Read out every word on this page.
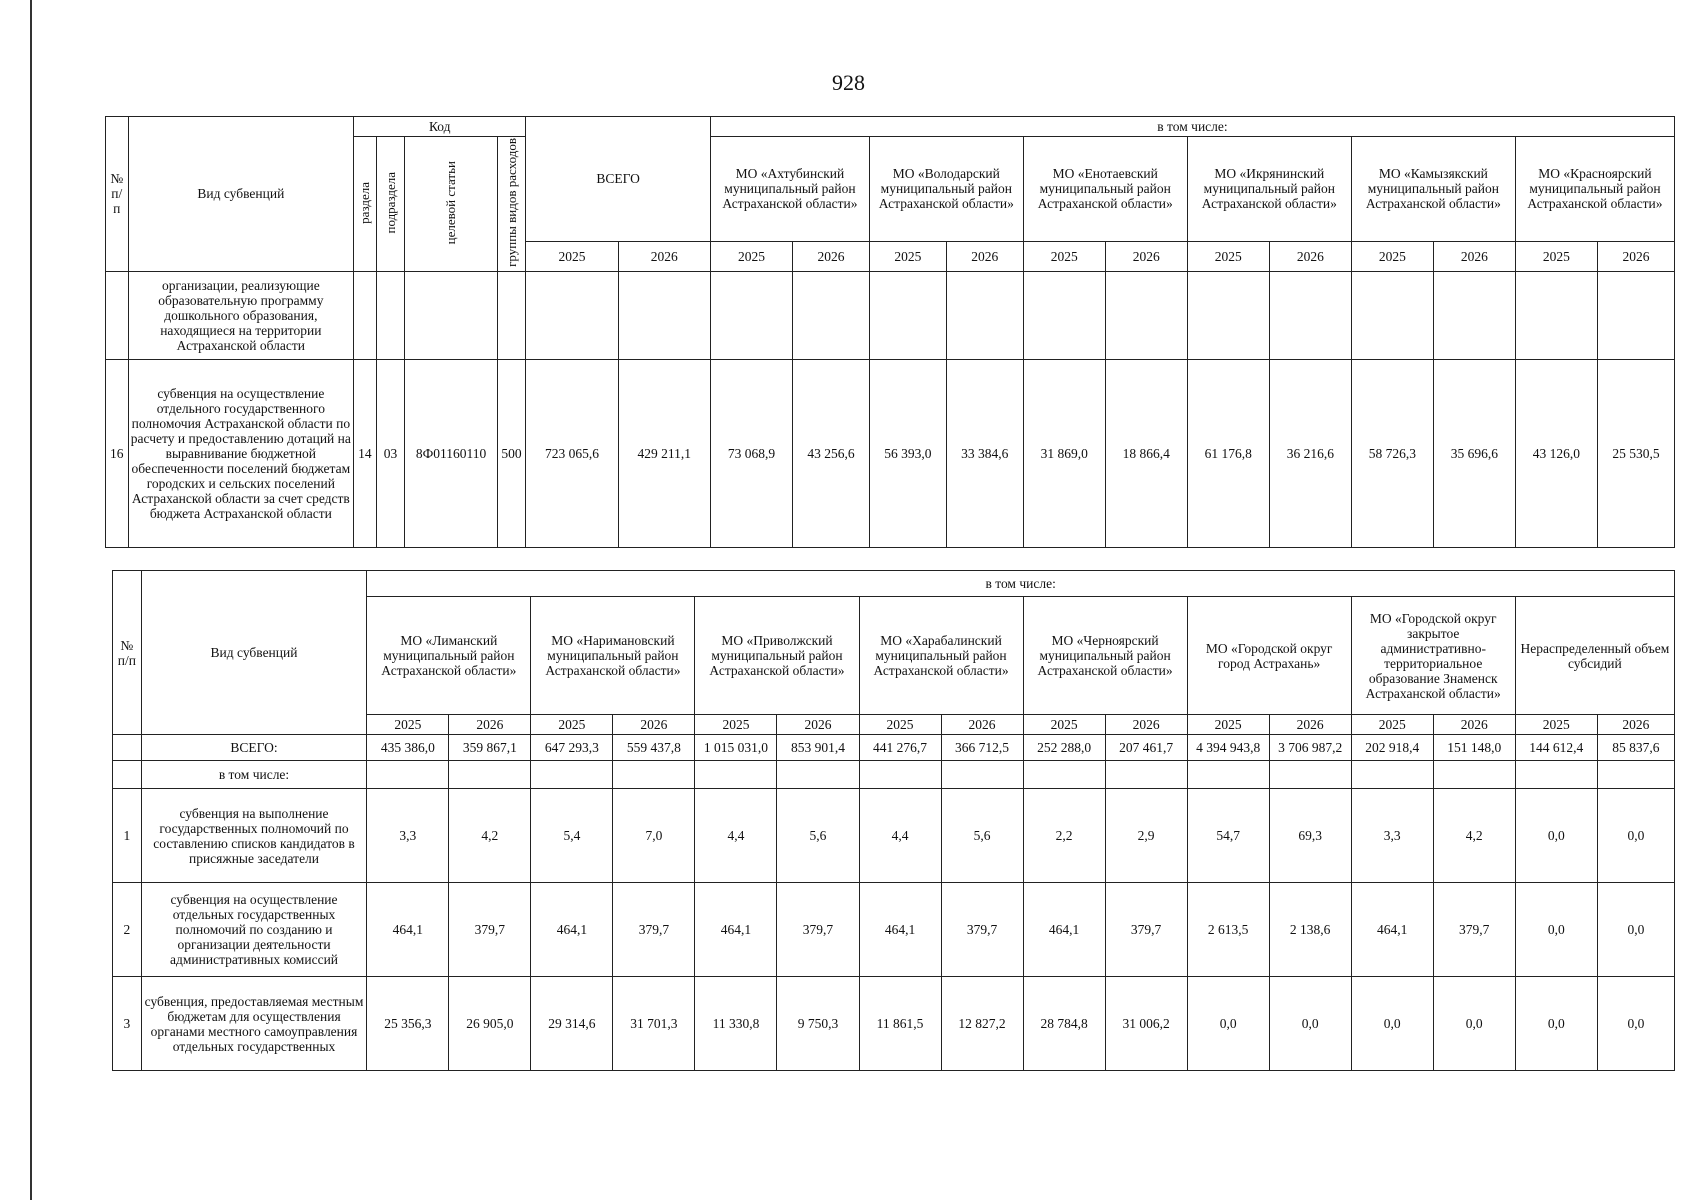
928
№ п/п	Вид субвенций	Код				ВСЕГО		в том числе:											
		раздела	подраздела	целевой статьи	группы видов расходов			МО «Ахтубинский муниципальный район Астраханской области»		МО «Володарский муниципальный район Астраханской области»		МО «Енотаевский муниципальный район Астраханской области»		МО «Икрянинский муниципальный район Астраханской области»		МО «Камызякский муниципальный район Астраханской области»		МО «Красноярский муниципальный район Астраханской области»	
						2025	2026	2025	2026	2025	2026	2025	2026	2025	2026	2025	2026	2025	2026
	организации, реализующие образовательную программу дошкольного образования, находящиеся на территории Астраханской области																		
16	субвенция на осуществление отдельного государственного полномочия Астраханской области по расчету и предоставлению дотаций на выравнивание бюджетной обеспеченности поселений бюджетам городских и сельских поселений Астраханской области за счет средств бюджета Астраханской области	14	03	8Ф01160110	500	723 065,6	429 211,1	73 068,9	43 256,6	56 393,0	33 384,6	31 869,0	18 866,4	61 176,8	36 216,6	58 726,3	35 696,6	43 126,0	25 530,5
№ п/п	Вид субвенций	в том числе:															
		МО «Лиманский муниципальный район Астраханской области»		МО «Наримановский муниципальный район Астраханской области»		МО «Приволжский муниципальный район Астраханской области»		МО «Харабалинский муниципальный район Астраханской области»		МО «Черноярский муниципальный район Астраханской области»		МО «Городской округ город Астрахань»		МО «Городской округ закрытое административно-территориальное образование Знаменск Астраханской области»		Нераспределенный объем субсидий	
		2025	2026	2025	2026	2025	2026	2025	2026	2025	2026	2025	2026	2025	2026	2025	2026
	ВСЕГО:	435 386,0	359 867,1	647 293,3	559 437,8	1 015 031,0	853 901,4	441 276,7	366 712,5	252 288,0	207 461,7	4 394 943,8	3 706 987,2	202 918,4	151 148,0	144 612,4	85 837,6
	в том числе:																
1	субвенция на выполнение государственных полномочий по составлению списков кандидатов в присяжные заседатели	3,3	4,2	5,4	7,0	4,4	5,6	4,4	5,6	2,2	2,9	54,7	69,3	3,3	4,2	0,0	0,0
2	субвенция на осуществление отдельных государственных полномочий по созданию и организации деятельности административных комиссий	464,1	379,7	464,1	379,7	464,1	379,7	464,1	379,7	464,1	379,7	2 613,5	2 138,6	464,1	379,7	0,0	0,0
3	субвенция, предоставляемая местным бюджетам для осуществления органами местного самоуправления отдельных государственных	25 356,3	26 905,0	29 314,6	31 701,3	11 330,8	9 750,3	11 861,5	12 827,2	28 784,8	31 006,2	0,0	0,0	0,0	0,0	0,0	0,0
